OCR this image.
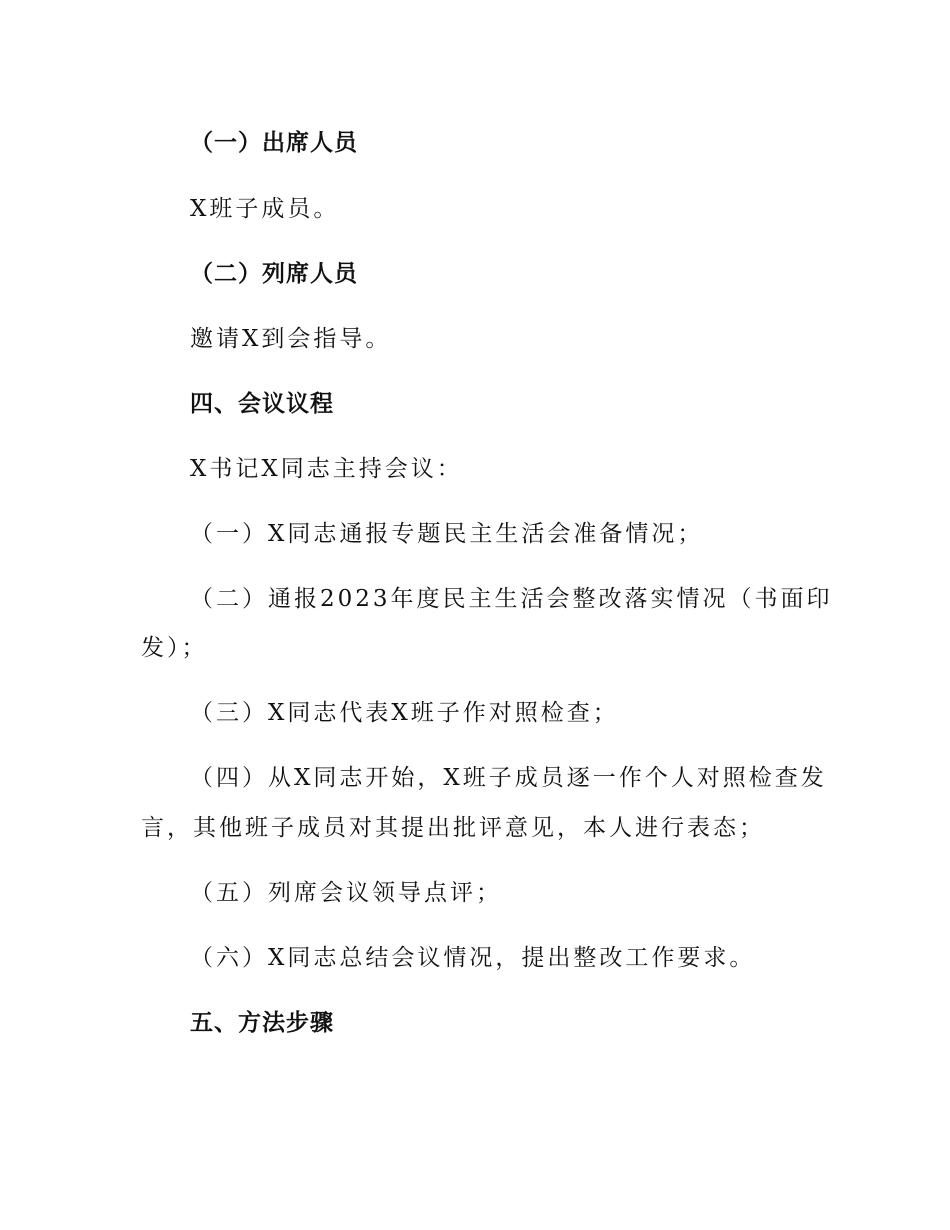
（一）出席人员
X班子成员。
（二）列席人员
邀请X到会指导。
四、会议议程
X书记X同志主持会议：
（一）X同志通报专题民主生活会准备情况；
（二）通报2023年度民主生活会整改落实情况（书面印
发）；
（三）X同志代表X班子作对照检查；
（四）从X同志开始，X班子成员逐一作个人对照检查发
言，其他班子成员对其提出批评意见，本人进行表态；
（五）列席会议领导点评；
（六）X同志总结会议情况，提出整改工作要求。
五、方法步骤
